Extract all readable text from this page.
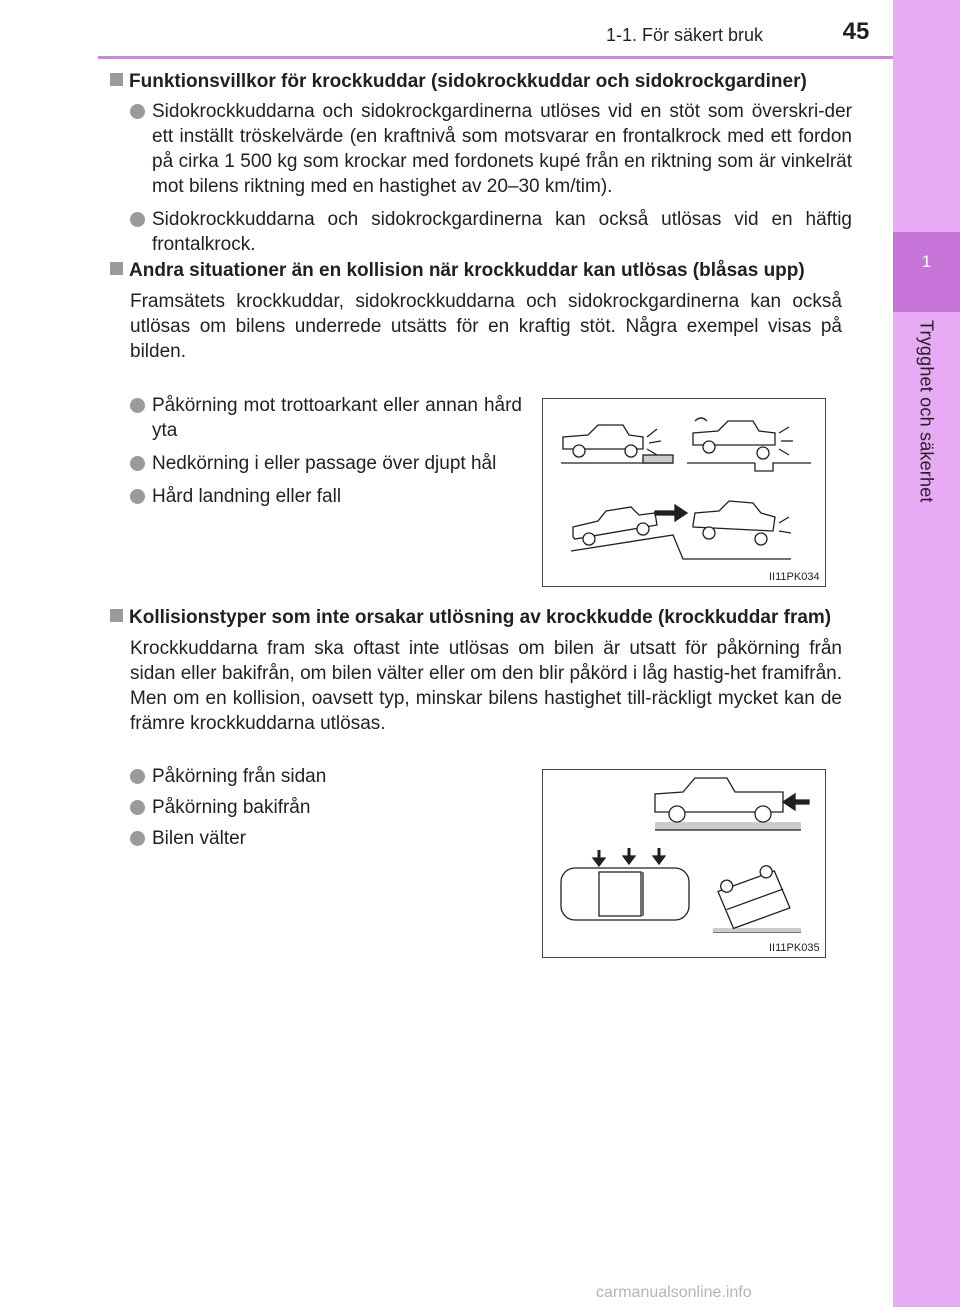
1-1. För säkert bruk	45
1
Trygghet och säkerhet
Funktionsvillkor för krockkuddar (sidokrockkuddar och sidokrockgardiner)
Sidokrockkuddarna och sidokrockgardinerna utlöses vid en stöt som överskri-der ett inställt tröskelvärde (en kraftnivå som motsvarar en frontalkrock med ett fordon på cirka 1 500 kg som krockar med fordonets kupé från en riktning som är vinkelrät mot bilens riktning med en hastighet av 20–30 km/tim).
Sidokrockkuddarna och sidokrockgardinerna kan också utlösas vid en häftig frontalkrock.
Andra situationer än en kollision när krockkuddar kan utlösas (blåsas upp)
Framsätets krockkuddar, sidokrockkuddarna och sidokrockgardinerna kan också utlösas om bilens underrede utsätts för en kraftig stöt. Några exempel visas på bilden.
Påkörning mot trottoarkant eller annan hård yta
Nedkörning i eller passage över djupt hål
Hård landning eller fall
II11PK034
Kollisionstyper som inte orsakar utlösning av krockkudde (krockkuddar fram)
Krockkuddarna fram ska oftast inte utlösas om bilen är utsatt för påkörning från sidan eller bakifrån, om bilen välter eller om den blir påkörd i låg hastig-het framifrån. Men om en kollision, oavsett typ, minskar bilens hastighet till-räckligt mycket kan de främre krockkuddarna utlösas.
Påkörning från sidan
Påkörning bakifrån
Bilen välter
II11PK035
carmanualsonline.info
